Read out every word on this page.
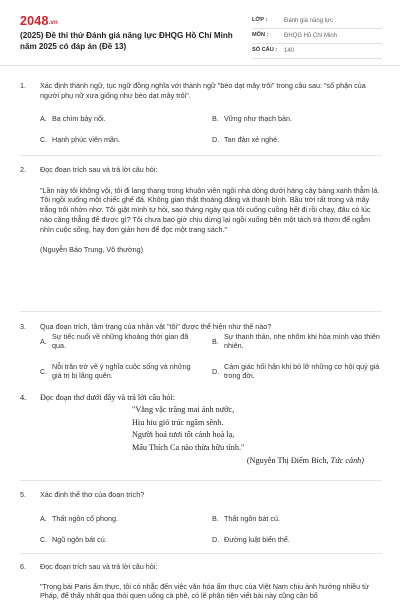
2048.vn
(2025) Đề thi thử Đánh giá năng lực ĐHQG Hồ Chí Minh năm 2025 có đáp án (Đề 13)
LỚP :	Đánh giá năng lực
MÔN :	ĐHQG Hồ Chí Minh
SỐ CÂU :	140
1.	Xác định thành ngữ, tục ngữ đồng nghĩa với thành ngữ "bèo dạt mây trôi" trong câu sau: "số phận của người phụ nữ xưa giống như bèo dạt mây trôi".
A. Ba chìm bảy nổi.	B. Vững như thạch bàn.
C. Hạnh phúc viên mãn.	D. Tan đàn xẻ nghé.
2.	Đọc đoạn trích sau và trả lời câu hỏi:
"Lần này tôi không vội, tôi đi lang thang trong khuôn viên ngôi nhà dòng dưới hàng cây bàng xanh thẫm lá. Tôi ngồi xuống một chiếc ghế đá. Không gian thật thoáng đãng và thanh bình. Bầu trời rất trong và mây trắng trôi nhởn nhơ. Tôi giật mình tự hỏi, sao tháng ngày qua tôi cuống cuồng hết đi rồi chạy, đâu có lúc nào căng thẳng để được gì? Tôi chưa bao giờ chịu dừng lại ngồi xuống bên một tách trà thơm để ngẫm nhìn cuộc sống, hay đơn giản hơn để đọc một trang sách."
(Nguyễn Bảo Trung, Vô thường)
3.	Qua đoạn trích, tâm trạng của nhân vật "tôi" được thể hiện như thế nào?
A.
Sự tiếc nuối về những khoảng thời gian đã qua.
B.
Sự thanh thản, nhẹ nhõm khi hòa mình vào thiên nhiên.
C.
Nỗi trăn trở về ý nghĩa cuộc sống và những giá trị bị lãng quên.
D.
Cảm giác hối hận khi bỏ lỡ những cơ hội quý giá trong đời.
4.	Đọc đoạn thơ dưới đây và trả lời câu hỏi:
"Vằng vặc trăng mai ánh nước,
Hiu hiu gió trúc ngâm sênh.
Người hoả tươi tốt cảnh hoà lạ,
Mấu Thích Ca nào thừa hữu tình."
(Nguyễn Thị Điểm Bích, Tức cảnh)
5.	Xác định thể thơ của đoạn trích?
A. Thất ngôn cổ phong.	B. Thất ngôn bát cú.
C. Ngũ ngôn bát cú.	D. Đường luật biến thể.
6.	Đọc đoạn trích sau và trả lời câu hỏi:
"Trong bài Paris ẩm thực, tôi có nhắc đến việc văn hóa ẩm thực của Việt Nam chịu ảnh hưởng nhiều từ Pháp, để thấy nhất qua thói quen uống cà phê, có lẽ phân tiện viết bài này cũng cần bổ
